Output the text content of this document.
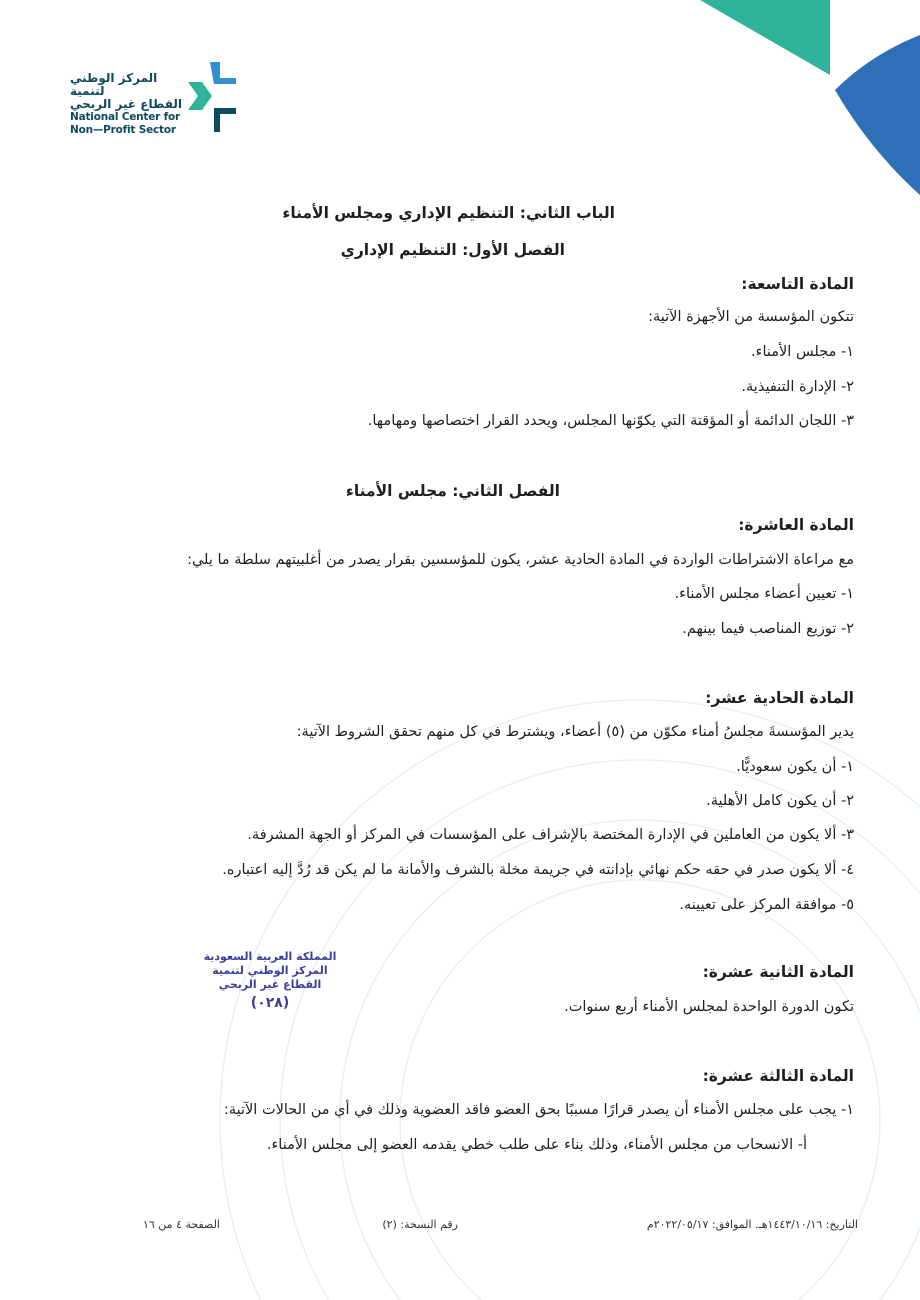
المركز الوطني لتنمية
القطاع غير الربحي
National Center for
Non—Profit Sector
الباب الثاني: التنظيم الإداري ومجلس الأمناء
الفصل الأول: التنظيم الإداري
المادة التاسعة:
تتكون المؤسسة من الأجهزة الآتية:
١- مجلس الأمناء.
٢- الإدارة التنفيذية.
٣- اللجان الدائمة أو المؤقتة التي يكوّنها المجلس، ويحدد القرار اختصاصها ومهامها.
الفصل الثاني: مجلس الأمناء
المادة العاشرة:
مع مراعاة الاشتراطات الواردة في المادة الحادية عشر، يكون للمؤسسين بقرار يصدر من أغلبيتهم سلطة ما يلي:
١- تعيين أعضاء مجلس الأمناء.
٢- توزيع المناصب فيما بينهم.
المادة الحادية عشر:
يدير المؤسسةَ مجلسُ أمناء مكوّن من (٥) أعضاء، ويشترط في كل منهم تحقق الشروط الآتية:
١- أن يكون سعوديًّا.
٢- أن يكون كامل الأهلية.
٣- ألا يكون من العاملين في الإدارة المختصة بالإشراف على المؤسسات في المركز أو الجهة المشرفة.
٤- ألا يكون صدر في حقه حكم نهائي بإدانته في جريمة مخلة بالشرف والأمانة ما لم يكن قد رُدَّ إليه اعتباره.
٥- موافقة المركز على تعيينه.
المملكة العربية السعودية
المركز الوطني لتنمية
القطاع غير الربحي
(٠٢٨)
المادة الثانية عشرة:
تكون الدورة الواحدة لمجلس الأمناء أربع سنوات.
المادة الثالثة عشرة:
١- يجب على مجلس الأمناء أن يصدر قرارًا مسببًا بحق العضو فاقد العضوية وذلك في أي من الحالات الآتية:
أ- الانسحاب من مجلس الأمناء، وذلك بناء على طلب خطي يقدمه العضو إلى مجلس الأمناء.
التاريخ: ١٤٤٣/١٠/١٦هـ. الموافق: ٢٠٢٢/٠٥/١٧م
رقم النسخة: (٢)
الصفحة ٤ من ١٦
